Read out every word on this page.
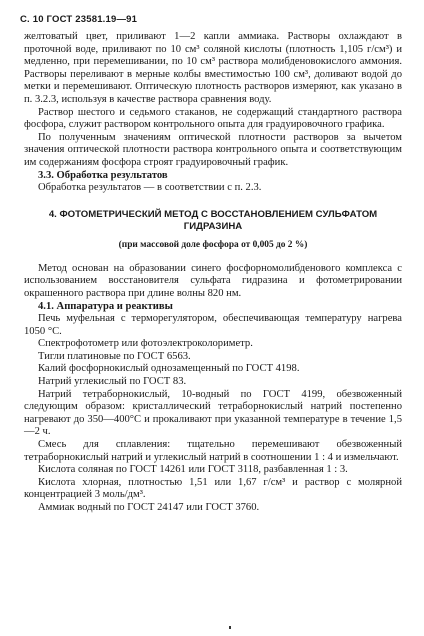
С. 10 ГОСТ 23581.19—91

желтоватый цвет, приливают 1—2 капли аммиака. Растворы охлаждают в проточной воде, приливают по 10 см³ соляной кислоты (плотность 1,105 г/см³) и медленно, при перемешивании, по 10 см³ раствора молибденовокислого аммония. Растворы переливают в мерные колбы вместимостью 100 см³, доливают водой до метки и перемешивают. Оптическую плотность растворов измеряют, как указано в п. 3.2.3, используя в качестве раствора сравнения воду.

Раствор шестого и седьмого стаканов, не содержащий стандартного раствора фосфора, служит раствором контрольного опыта для градуировочного графика.

По полученным значениям оптической плотности растворов за вычетом значения оптической плотности раствора контрольного опыта и соответствующим им содержаниям фосфора строят градуировочный график.

3.3. Обработка результатов

Обработка результатов — в соответствии с п. 2.3.

4. ФОТОМЕТРИЧЕСКИЙ МЕТОД С ВОССТАНОВЛЕНИЕМ СУЛЬФАТОМ
ГИДРАЗИНА
(при массовой доле фосфора от 0,005 до 2 %)

Метод основан на образовании синего фосфорномолибденового комплекса с использованием восстановителя сульфата гидразина и фотометрировании окрашенного раствора при длине волны 820 нм.

4.1. Аппаратура и реактивы

Печь муфельная с терморегулятором, обеспечивающая температуру нагрева 1050 °С.

Спектрофотометр или фотоэлектроколориметр.

Тигли платиновые по ГОСТ 6563.

Калий фосфорнокислый однозамещенный по ГОСТ 4198.

Натрий углекислый по ГОСТ 83.

Натрий тетраборнокислый, 10-водный по ГОСТ 4199, обезвоженный следующим образом: кристаллический тетраборнокислый натрий постепенно нагревают до 350—400°С и прокаливают при указанной температуре в течение 1,5—2 ч.

Смесь для сплавления: тщательно перемешивают обезвоженный тетраборнокислый натрий и углекислый натрий в соотношении 1 : 4 и измельчают.

Кислота соляная по ГОСТ 14261 или ГОСТ 3118, разбавленная 1 : 3.

Кислота хлорная, плотностью 1,51 или 1,67 г/см³ и раствор с молярной концентрацией 3 моль/дм³.

Аммиак водный по ГОСТ 24147 или ГОСТ 3760.
